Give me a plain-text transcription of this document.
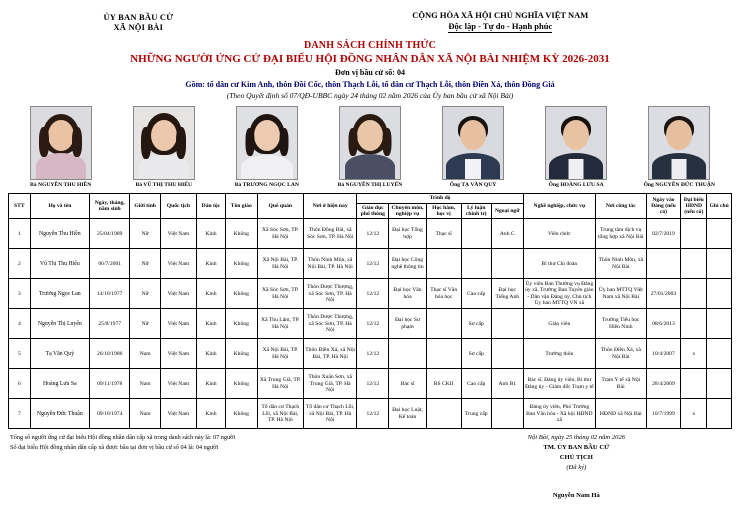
ỦY BAN BẦU CỬ
XÃ NỘI BÀI
CỘNG HÒA XÃ HỘI CHỦ NGHĨA VIỆT NAM
Độc lập - Tự do - Hạnh phúc
DANH SÁCH CHÍNH THỨC
NHỮNG NGƯỜI ỨNG CỬ ĐẠI BIỂU HỘI ĐỒNG NHÂN DÂN XÃ NỘI BÀI NHIỆM KỲ 2026-2031
Đơn vị bầu cử số: 04
Gồm: tổ dân cư Kim Anh, thôn Đồi Cốc, thôn Thạch Lỗi, tổ dân cư Thạch Lỗi, thôn Điền Xá, thôn Đồng Giá
(Theo Quyết định số 07/QĐ-UBBC ngày 24 tháng 02 năm 2026 của Ủy ban bầu cử xã Nội Bài)
Bà NGUYỄN THU HIỀN	Bà VŨ THỊ THU HIẾU	Bà TRƯƠNG NGỌC LAN	Bà NGUYỄN THỊ LUYẾN	Ông TẠ VĂN QUÝ	Ông HOÀNG LƯU SA	Ông NGUYỄN ĐỨC THUẬN
STT	Họ và tên	Ngày, tháng, năm sinh	Giới tính	Quốc tịch	Dân tộc	Tôn giáo	Quê quán	Nơi ở hiện nay	Trình độ					Nghề nghiệp, chức vụ	Nơi công tác	Ngày vào Đảng (nếu có)	Đại biểu HĐND (nếu có)	Ghi chú
									Giáo dục phổ thông	Chuyên môn, nghiệp vụ	Học hàm, học vị	Lý luận chính trị	Ngoại ngữ					
1	Nguyễn Thu Hiền	25/04/1989	Nữ	Việt Nam	Kinh	Không	Xã Sóc Sơn, TP. Hà Nội	Thôn Đồng Bài, xã Sóc Sơn, TP. Hà Nội	12/12	Đại học Tổng hợp	Thạc sĩ		Anh C	Viên chức	Trung tâm dịch vụ tổng hợp xã Nội Bài	02/7/2019		
2	Vũ Thị Thu Hiếu	06/7/2001	Nữ	Việt Nam	Kinh	Không	Xã Nội Bài, TP. Hà Nội	Thôn Ninh Môn, xã Nội Bài, TP. Hà Nội	12/12	Đại học Công nghệ thông tin				Bí thư Chi đoàn	Thôn Ninh Môn, xã Nội Bài			
3	Trương Ngọc Lan	14/10/1977	Nữ	Việt Nam	Kinh	Không	Xã Sóc Sơn, TP. Hà Nội	Thôn Dược Thượng, xã Sóc Sơn, TP. Hà Nội	12/12	Đại học Văn hóa	Thạc sĩ Văn hóa học	Cao cấp	Đại học Tiếng Anh	Ủy viên Ban Thường vụ Đảng ủy xã, Trưởng Ban Tuyên giáo - Dân vận Đảng ủy, Chủ tịch Ủy ban MTTQ VN xã	Ủy ban MTTQ Việt Nam xã Nội Bài	27/01/2003		
4	Nguyễn Thị Luyến	25/8/1977	Nữ	Việt Nam	Kinh	Không	Xã Thu Lâm, TP. Hà Nội	Thôn Dược Thượng, xã Sóc Sơn, TP. Hà Nội	12/12	Đại học Sư phạm		Sơ cấp		Giáo viên	Trường Tiểu học Hiền Ninh	08/6/2013		
5	Tạ Văn Quý	26/10/1986	Nam	Việt Nam	Kinh	Không	Xã Nội Bài, TP. Hà Nội	Thôn Điền Xá, xã Nội Bài, TP. Hà Nội	12/12			Sơ cấp		Trưởng thôn	Thôn Điền Xá, xã Nội Bài	10/4/2007	x	
6	Hoàng Lưu Sa	09/11/1978	Nam	Việt Nam	Kinh	Không	Xã Trung Giã, TP. Hà Nội	Thôn Xuân Sơn, xã Trung Giã, TP. Hà Nội	12/12	Bác sĩ	BS CKII	Cao cấp	Anh B1	Bác sĩ, Đảng ủy viên, Bí thư Đảng ủy - Giám đốc Trạm y tế	Trạm Y tế xã Nội Bài	28/4/2009		
7	Nguyễn Đức Thuận	09/10/1974	Nam	Việt Nam	Kinh	Không	Tổ dân cư Thạch Lỗi, xã Nội Bài, TP. Hà Nội	Tổ dân cư Thạch Lỗi, xã Nội Bài, TP. Hà Nội	12/12	Đại học Luật, Kế toán		Trung cấp		Đảng ủy viên, Phó Trưởng Ban Văn hóa - Xã hội HĐND xã	HĐND xã Nội Bài	10/7/1999	x	
Tổng số người ứng cử đại biểu Hội đồng nhân dân cấp xã trong danh sách này là: 07 người
Số đại biểu Hội đồng nhân dân cấp xã được bầu tại đơn vị bầu cử số 04 là: 04 người
Nội Bài, ngày 25 tháng 02 năm 2026
TM. ỦY BAN BẦU CỬ
CHỦ TỊCH
(Đã ký)
Nguyễn Nam Hà
